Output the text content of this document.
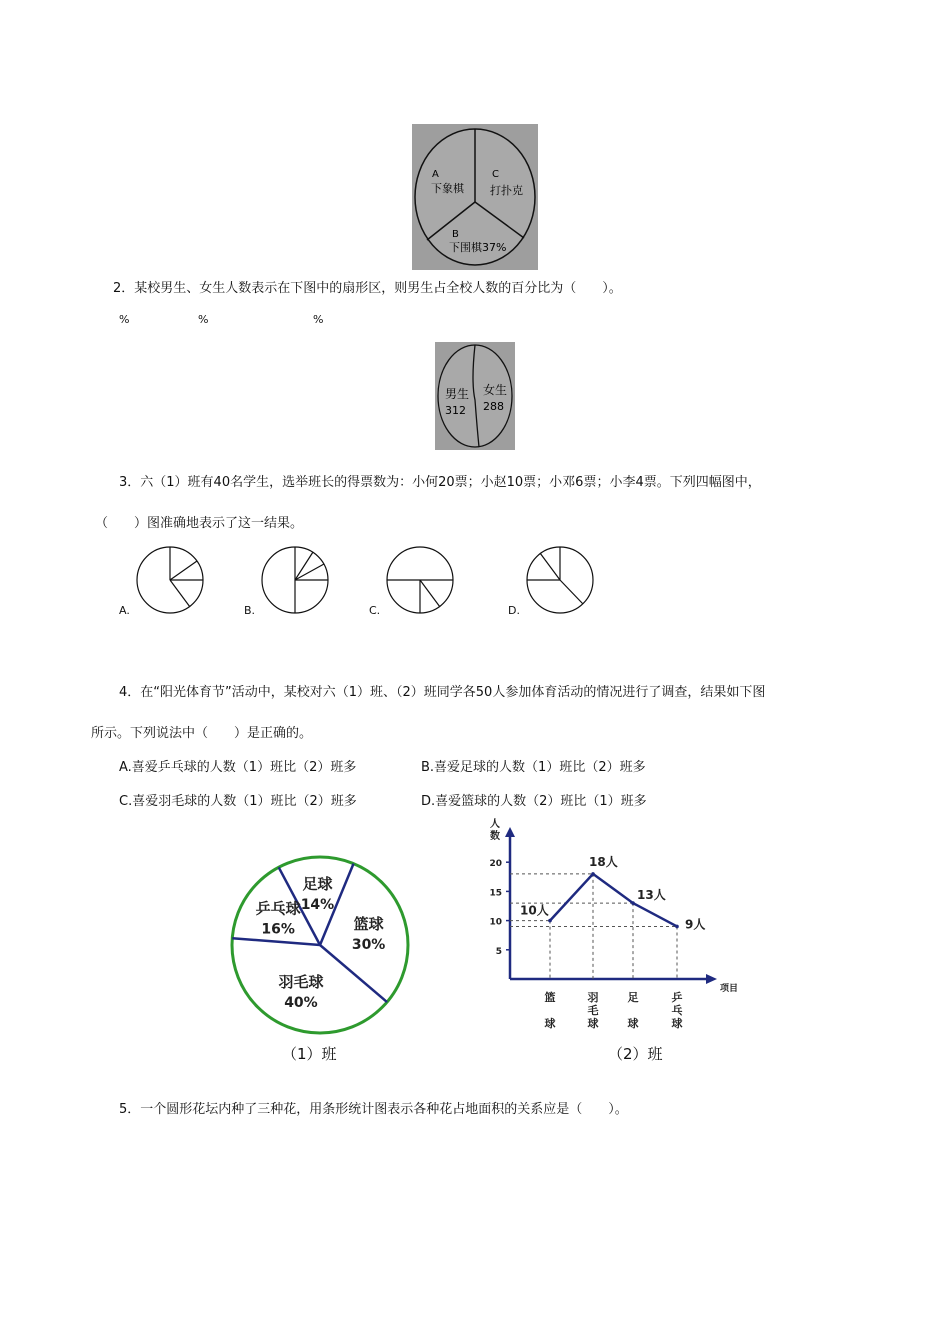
A
下象棋
C
打扑克
B
下围棋37%
2．某校男生、女生人数表示在下图中的扇形区，则男生占全校人数的百分比为（　　）。
%	%	%
男生
312
女生
288
3．六（1）班有40名学生，选举班长的得票数为：小何20票；小赵10票；小邓6票；小李4票。下列四幅图中，
（　　）图准确地表示了这一结果。
A.	B.	C.	D.
4．在“阳光体育节”活动中，某校对六（1）班、（2）班同学各50人参加体育活动的情况进行了调查，结果如下图
所示。下列说法中（　　）是正确的。
A.喜爱乒乓球的人数（1）班比（2）班多	B.喜爱足球的人数（1）班比（2）班多
C.喜爱羽毛球的人数（1）班比（2）班多	D.喜爱篮球的人数（2）班比（1）班多
足球
14%
篮球
30%
羽毛球
40%
乒乓球
16%
（1）班
人
数
项目
5
10
15
20
10人
18人
13人
9人
篮
球
羽
毛
球
足
球
乒
乓
球
（2）班
5．一个圆形花坛内种了三种花，用条形统计图表示各种花占地面积的关系应是（　　）。
